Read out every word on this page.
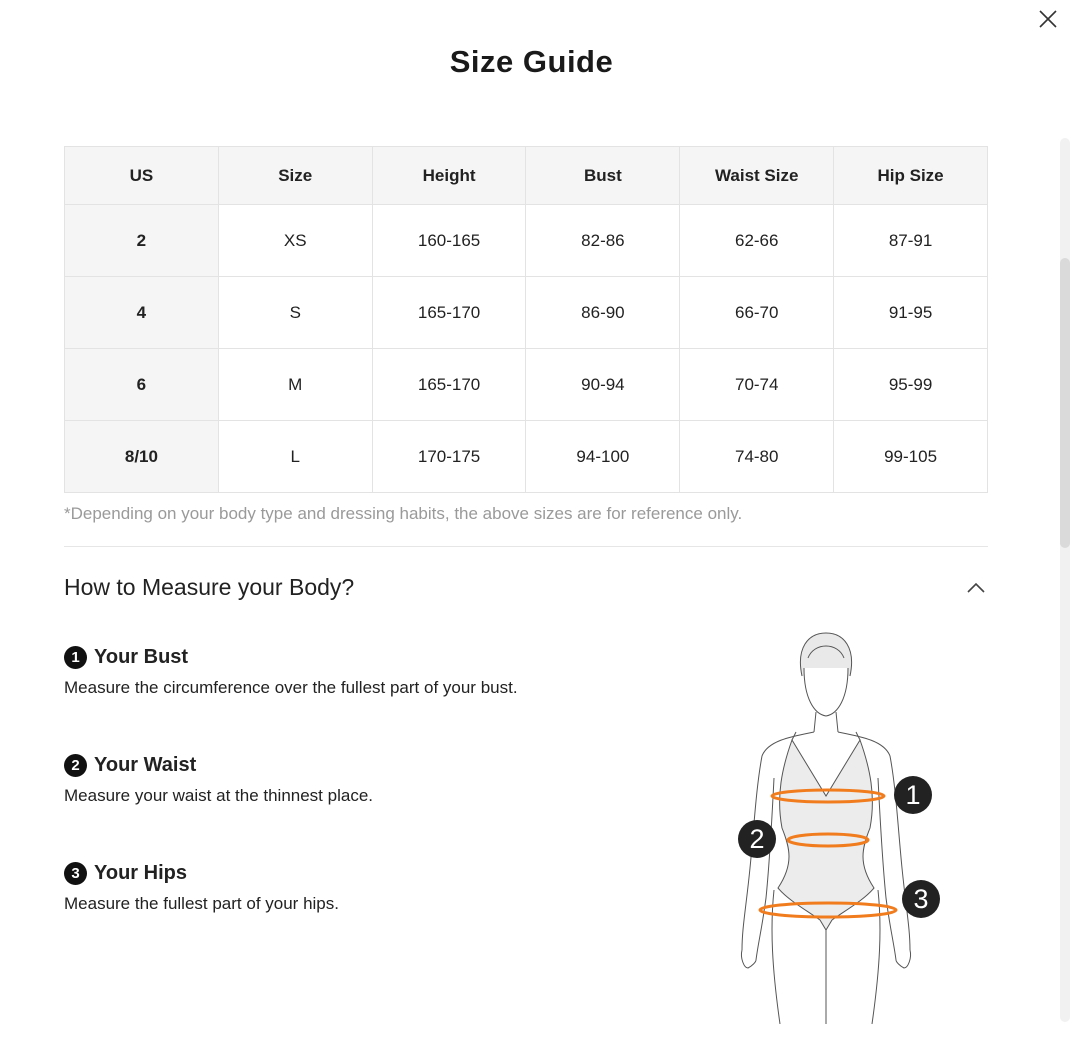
Size Guide
US	Size	Height	Bust	Waist Size	Hip Size
2	XS	160-165	82-86	62-66	87-91
4	S	165-170	86-90	66-70	91-95
6	M	165-170	90-94	70-74	95-99
8/10	L	170-175	94-100	74-80	99-105
*Depending on your body type and dressing habits, the above sizes are for reference only.
How to Measure your Body?
1 Your Bust
Measure the circumference over the fullest part of your bust.
2 Your Waist
Measure your waist at the thinnest place.
3 Your Hips
Measure the fullest part of your hips.
1
2
3
